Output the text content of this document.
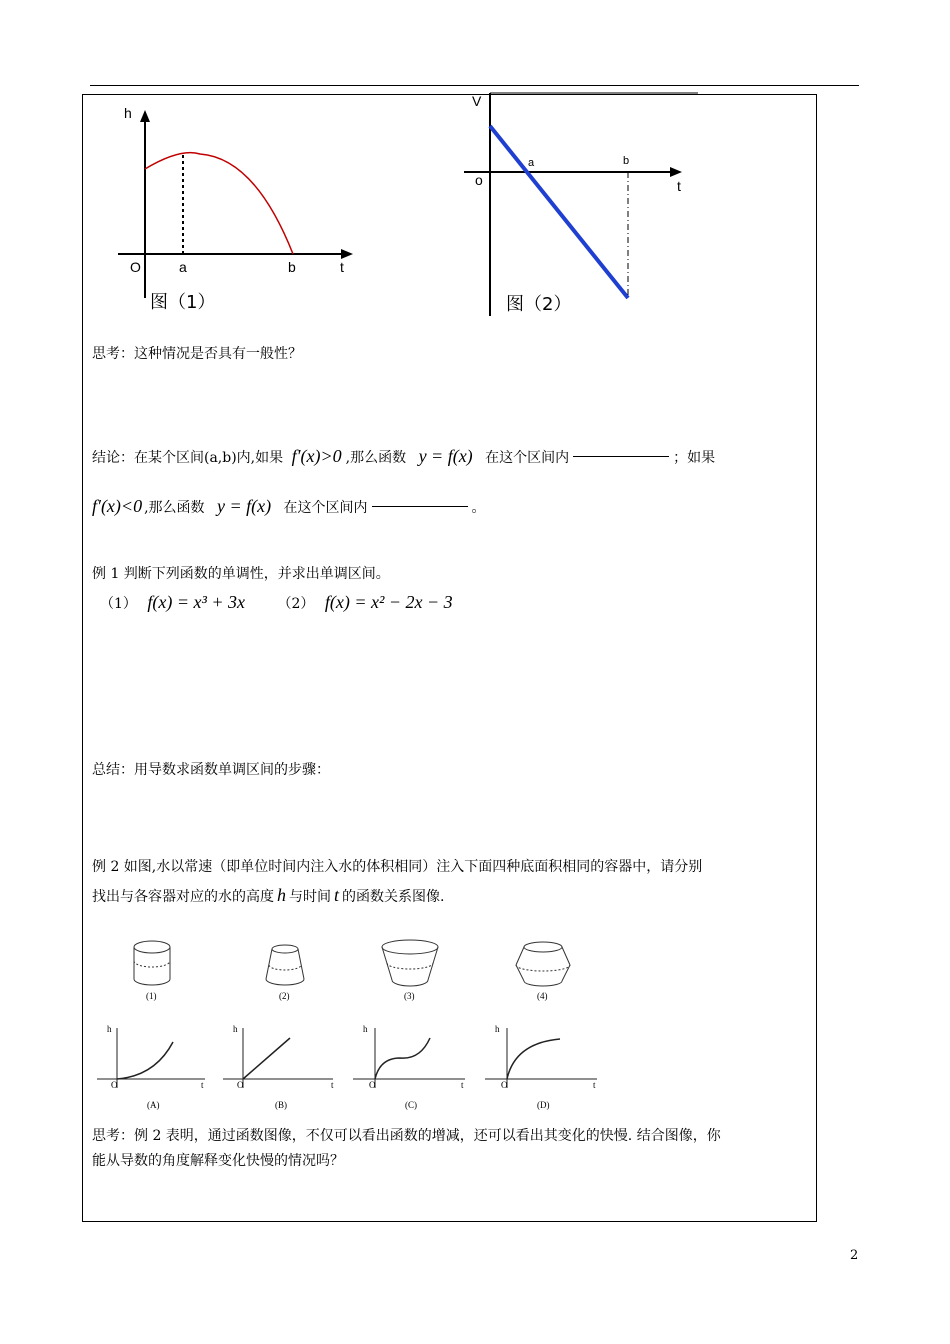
h
O	a	b	t
图（1）
V
o
a	b
t
图（2）
思考：这种情况是否具有一般性？
结论：在某个区间(a,b)内,如果 f′(x)>0 ,那么函数 y = f(x) 在这个区间内	；如果
f′(x)<0 ,那么函数 y = f(x) 在这个区间内	。
例 1 判断下列函数的单调性，并求出单调区间。
（1） f(x) = x³ + 3x （2） f(x) = x² − 2x − 3
总结：用导数求函数单调区间的步骤：
例 2 如图,水以常速（即单位时间内注入水的体积相同）注入下面四种底面积相同的容器中，请分别
找出与各容器对应的水的高度 h 与时间 t 的函数关系图像.
(1)	(2)	(3)	(4)
h
O	t
(A)
h
O	t
(B)
h
O	t
(C)
h
O	t
(D)
思考：例 2 表明，通过函数图像，不仅可以看出函数的增减，还可以看出其变化的快慢. 结合图像，你
能从导数的角度解释变化快慢的情况吗？
2
